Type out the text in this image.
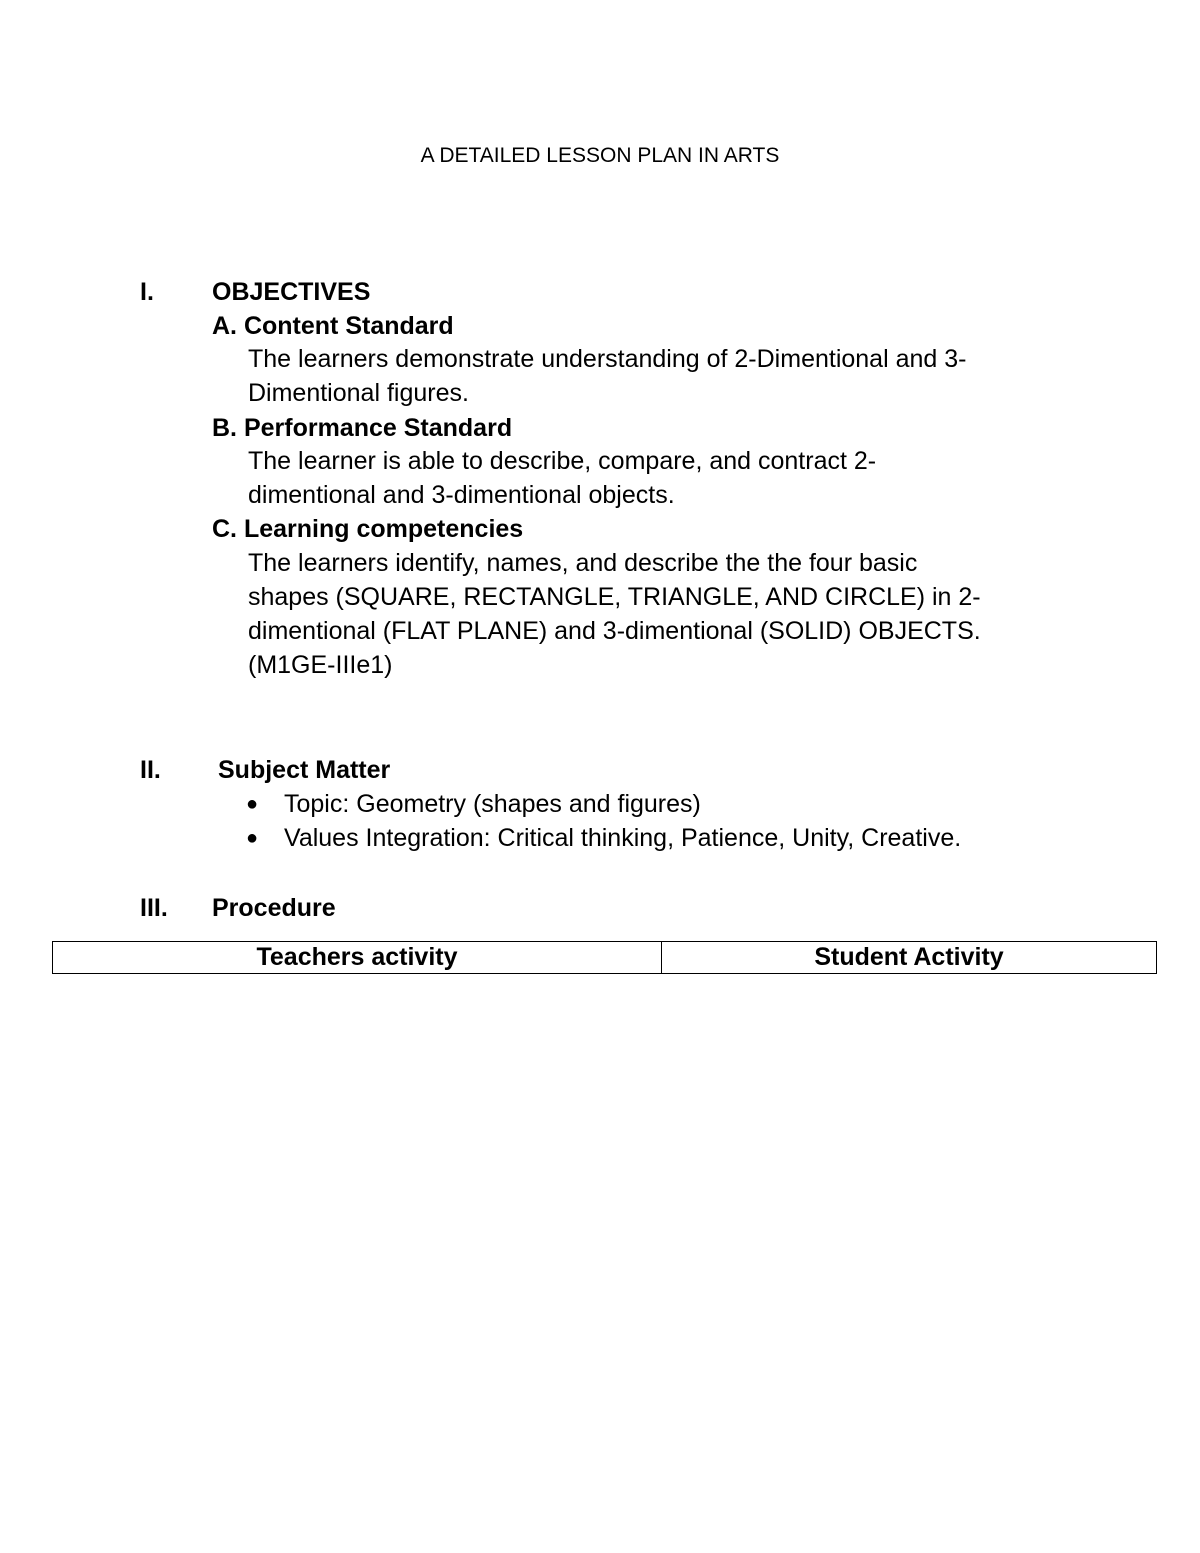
A DETAILED LESSON PLAN IN ARTS
I. OBJECTIVES
A. Content Standard
The learners demonstrate understanding of 2-Dimentional and 3-
Dimentional figures.
B. Performance Standard
The learner is able to describe, compare, and contract 2-
dimentional and 3-dimentional objects.
C. Learning competencies
The learners identify, names, and describe the the four basic
shapes (SQUARE, RECTANGLE, TRIANGLE, AND CIRCLE) in 2-
dimentional (FLAT PLANE) and 3-dimentional (SOLID) OBJECTS.
(M1GE-IIIe1)
II. Subject Matter
● Topic: Geometry (shapes and figures)
● Values Integration: Critical thinking, Patience, Unity, Creative.
III. Procedure
Teachers activity	Student Activity
